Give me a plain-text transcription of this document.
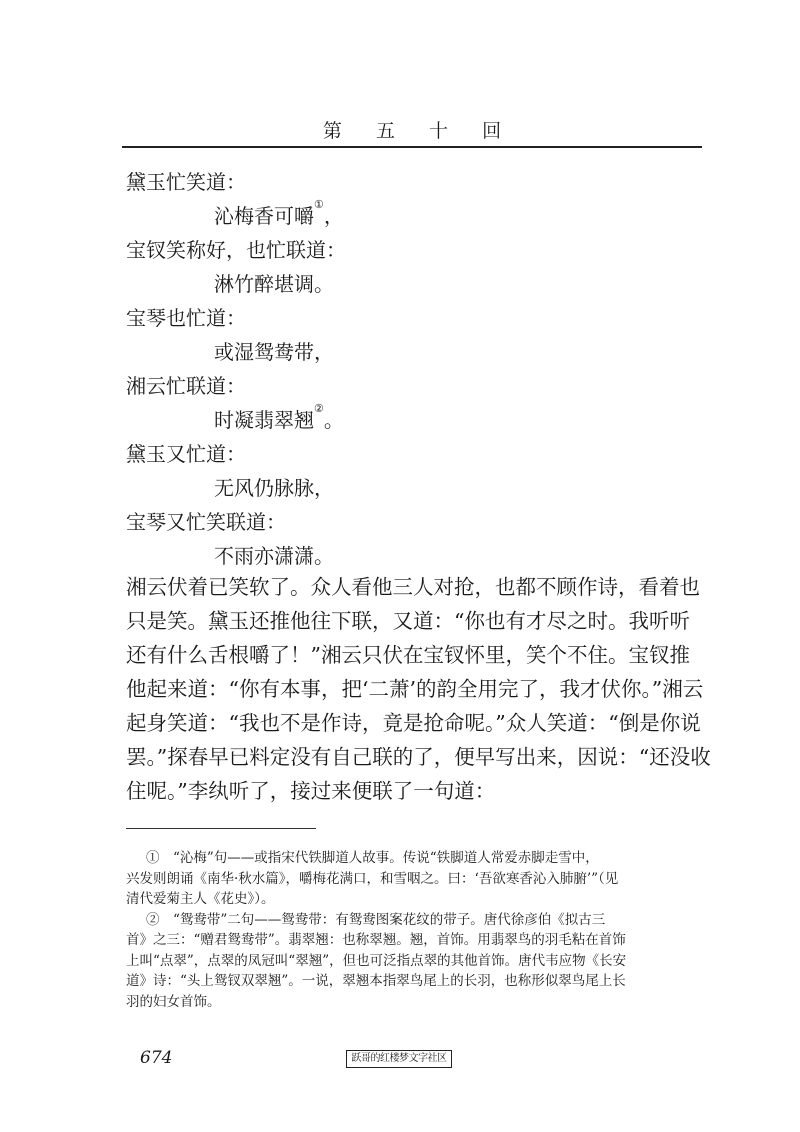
第 五 十 回
黛玉忙笑道：
沁梅香可嚼①，
宝钗笑称好，也忙联道：
淋竹醉堪调。
宝琴也忙道：
或湿鸳鸯带，
湘云忙联道：
时凝翡翠翘②。
黛玉又忙道：
无风仍脉脉，
宝琴又忙笑联道：
不雨亦潇潇。
湘云伏着已笑软了。众人看他三人对抢，也都不顾作诗，看着也
只是笑。黛玉还推他往下联，又道：“你也有才尽之时。我听听
还有什么舌根嚼了！”湘云只伏在宝钗怀里，笑个不住。宝钗推
他起来道：“你有本事，把‘二萧’的韵全用完了，我才伏你。”湘云
起身笑道：“我也不是作诗，竟是抢命呢。”众人笑道：“倒是你说
罢。”探春早已料定没有自己联的了，便早写出来，因说：“还没收
住呢。”李纨听了，接过来便联了一句道：
①　“沁梅”句——或指宋代铁脚道人故事。传说“铁脚道人常爱赤脚走雪中，
兴发则朗诵《南华·秋水篇》，嚼梅花满口，和雪咽之。曰：‘吾欲寒香沁入肺腑’”（见
清代爱菊主人《花史》）。
②　“鸳鸯带”二句——鸳鸯带：有鸳鸯图案花纹的带子。唐代徐彦伯《拟古三
首》之三：“赠君鸳鸯带”。翡翠翘：也称翠翘。翘，首饰。用翡翠鸟的羽毛粘在首饰
上叫“点翠”，点翠的凤冠叫“翠翘”，但也可泛指点翠的其他首饰。唐代韦应物《长安
道》诗：“头上鸳钗双翠翘”。一说，翠翘本指翠鸟尾上的长羽，也称形似翠鸟尾上长
羽的妇女首饰。
674	跃哥的红楼梦文字社区
